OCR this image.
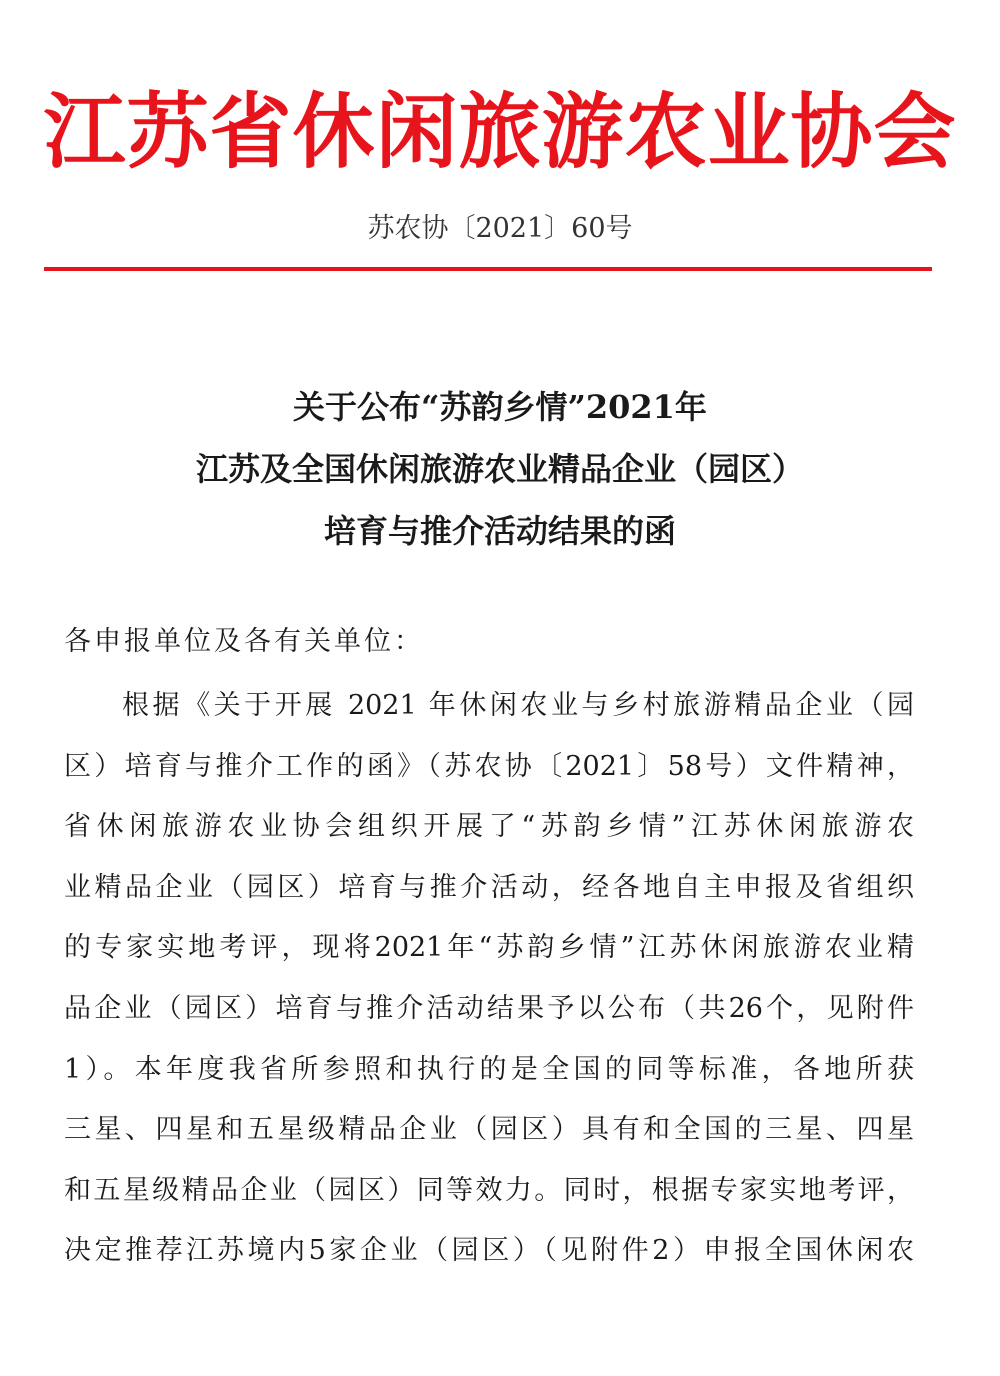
江苏省休闲旅游农业协会
苏农协〔2021〕60号
关于公布“苏韵乡情”2021年
江苏及全国休闲旅游农业精品企业（园区）
培育与推介活动结果的函
各申报单位及各有关单位：
根据《关于开展 2021 年休闲农业与乡村旅游精品企业（园
区）培育与推介工作的函》（苏农协〔2021〕58号）文件精神，
省休闲旅游农业协会组织开展了“苏韵乡情”江苏休闲旅游农
业精品企业（园区）培育与推介活动，经各地自主申报及省组织
的专家实地考评，现将2021年“苏韵乡情”江苏休闲旅游农业精
品企业（园区）培育与推介活动结果予以公布（共26个，见附件
1）。本年度我省所参照和执行的是全国的同等标准，各地所获
三星、四星和五星级精品企业（园区）具有和全国的三星、四星
和五星级精品企业（园区）同等效力。同时，根据专家实地考评，
决定推荐江苏境内5家企业（园区）（见附件2）申报全国休闲农
